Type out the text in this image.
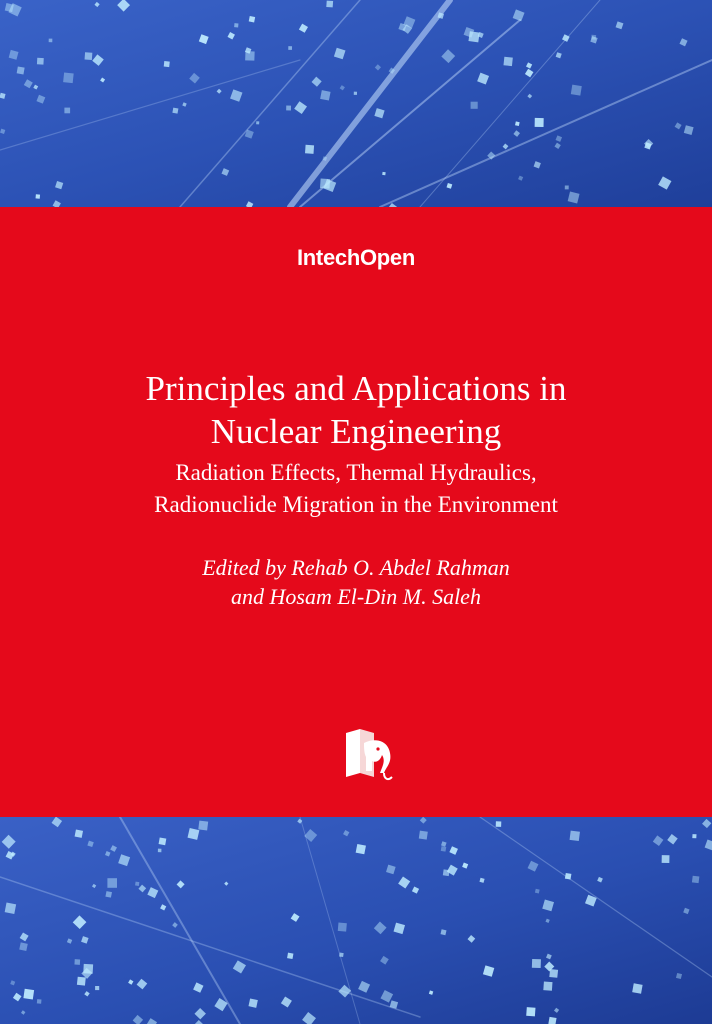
IntechOpen
Principles and Applications in
Nuclear Engineering

Radiation Effects, Thermal Hydraulics,
Radionuclide Migration in the Environment

Edited by Rehab O. Abdel Rahman
and Hosam El-Din M. Saleh
